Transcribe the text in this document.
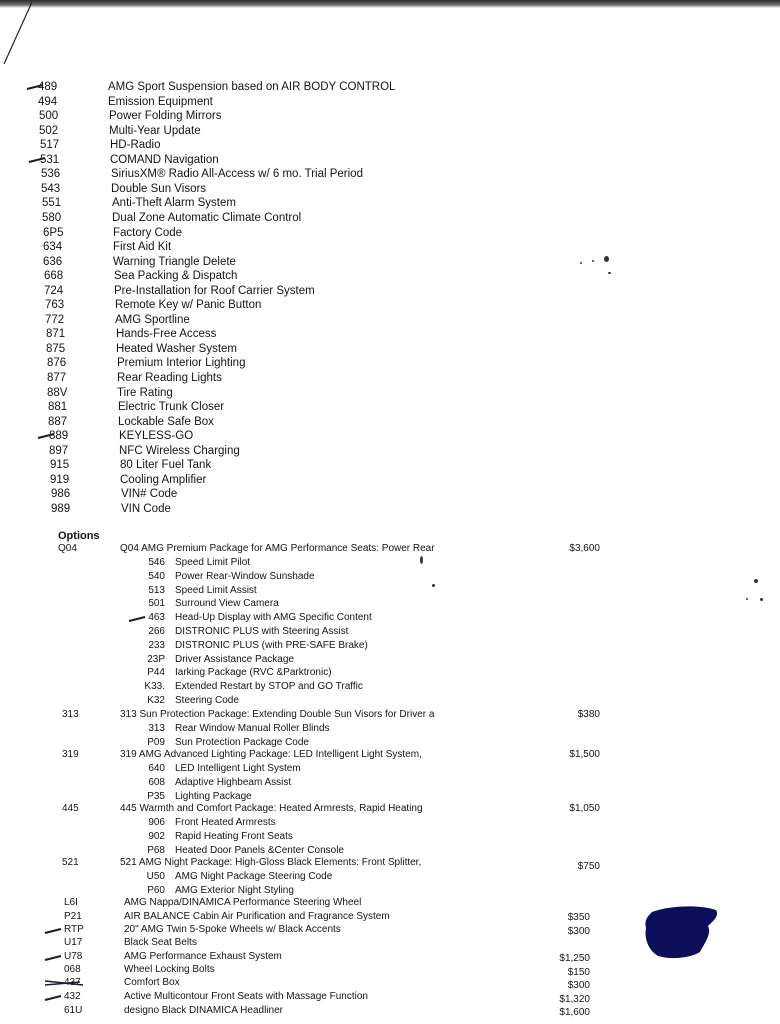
489	AMG Sport Suspension based on AIR BODY CONTROL
494	Emission Equipment
500	Power Folding Mirrors
502	Multi-Year Update
517	HD-Radio
531	COMAND Navigation
536	SiriusXM® Radio All-Access w/ 6 mo. Trial Period
543	Double Sun Visors
551	Anti-Theft Alarm System
580	Dual Zone Automatic Climate Control
6P5	Factory Code
634	First Aid Kit
636	Warning Triangle Delete
668	Sea Packing & Dispatch
724	Pre-Installation for Roof Carrier System
763	Remote Key w/ Panic Button
772	AMG Sportline
871	Hands-Free Access
875	Heated Washer System
876	Premium Interior Lighting
877	Rear Reading Lights
88V	Tire Rating
881	Electric Trunk Closer
887	Lockable Safe Box
889	KEYLESS-GO
897	NFC Wireless Charging
915	80 Liter Fuel Tank
919	Cooling Amplifier
986	VIN# Code
989	VIN Code
Options
Q04	Q04 AMG Premium Package for AMG Performance Seats: Power Rear	$3,600
546 Speed Limit Pilot
540 Power Rear-Window Sunshade
513 Speed Limit Assist
501 Surround View Camera
463 Head-Up Display with AMG Specific Content
266 DISTRONIC PLUS with Steering Assist
233 DISTRONIC PLUS (with PRE-SAFE Brake)
23P Driver Assistance Package
P44 Iarking Package (RVC &Parktronic)
K33. Extended Restart by STOP and GO Traffic
K32 Steering Code
313	313 Sun Protection Package: Extending Double Sun Visors for Driver a	$380
313 Rear Window Manual Roller Blinds
P09 Sun Protection Package Code
319	319 AMG Advanced Lighting Package: LED Intelligent Light System,	$1,500
640 LED Intelligent Light System
608 Adaptive Highbeam Assist
P35 Lighting Package
445	445 Warmth and Comfort Package: Heated Armrests, Rapid Heating	$1,050
906 Front Heated Armrests
902 Rapid Heating Front Seats
P68 Heated Door Panels &Center Console
521	521 AMG Night Package: High-Gloss Black Elements: Front Splitter,	$750
U50 AMG Night Package Steering Code
P60 AMG Exterior Night Styling
L6I	AMG Nappa/DINAMICA Performance Steering Wheel
P21	AIR BALANCE Cabin Air Purification and Fragrance System	$350
RTP	20" AMG Twin 5-Spoke Wheels w/ Black Accents	$300
U17	Black Seat Belts
U78	AMG Performance Exhaust System	$1,250
068	Wheel Locking Bolts	$150
437	Comfort Box	$300
432	Active Multicontour Front Seats with Massage Function	$1,320
61U	designo Black DINAMICA Headliner	$1,600
